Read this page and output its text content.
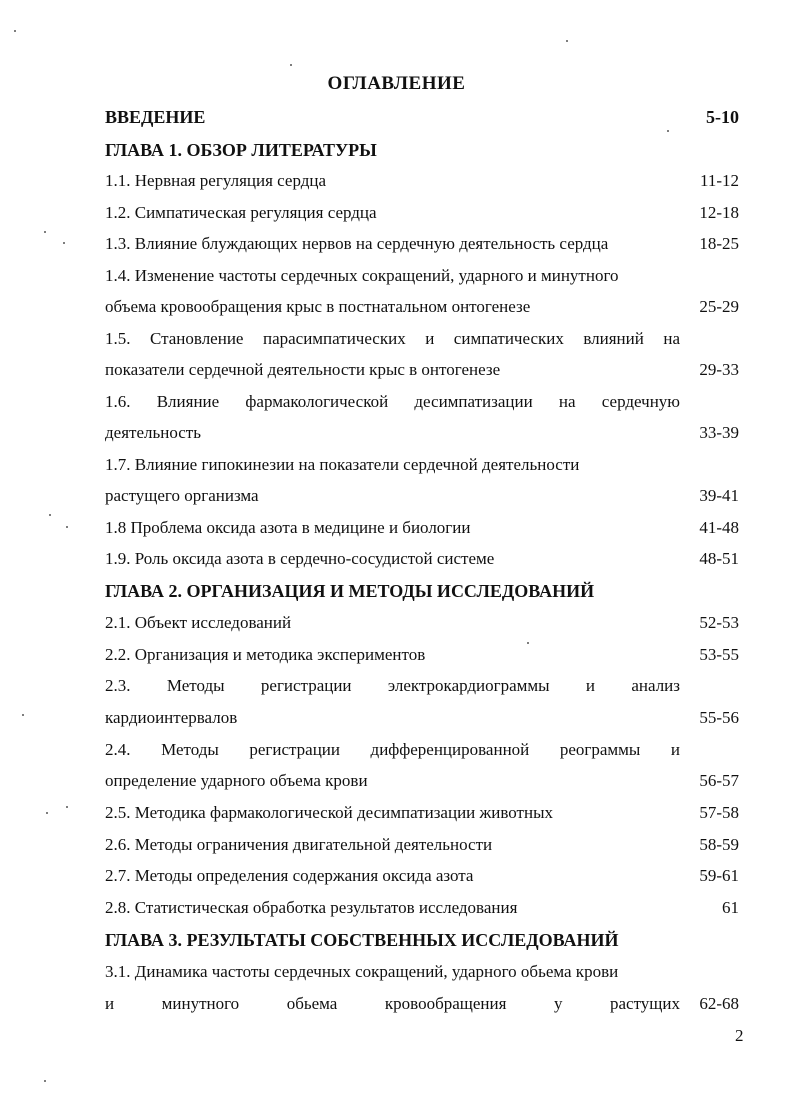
ОГЛАВЛЕНИЕ
ВВЕДЕНИЕ	5-10
ГЛАВА 1. ОБЗОР ЛИТЕРАТУРЫ
1.1. Нервная регуляция сердца	11-12
1.2. Симпатическая регуляция сердца	12-18
1.3. Влияние блуждающих нервов на сердечную деятельность сердца	18-25
1.4. Изменение частоты сердечных сокращений, ударного и минутного
объема кровообращения крыс в постнатальном онтогенезе	25-29
1.5. Становление парасимпатических и симпатических влияний на
показатели сердечной деятельности крыс в онтогенезе	29-33
1.6. Влияние фармакологической десимпатизации на сердечную
деятельность	33-39
1.7. Влияние гипокинезии на показатели сердечной деятельности
растущего организма	39-41
1.8 Проблема оксида азота в медицине и биологии	41-48
1.9. Роль оксида азота в сердечно-сосудистой системе	48-51
ГЛАВА 2. ОРГАНИЗАЦИЯ И МЕТОДЫ ИССЛЕДОВАНИЙ
2.1. Объект исследований	52-53
2.2. Организация и методика экспериментов	53-55
2.3. Методы регистрации электрокардиограммы и анализ
кардиоинтервалов	55-56
2.4. Методы регистрации дифференцированной реограммы и
определение ударного объема крови	56-57
2.5. Методика фармакологической десимпатизации животных	57-58
2.6. Методы ограничения двигательной деятельности	58-59
2.7. Методы определения содержания оксида азота	59-61
2.8. Статистическая обработка результатов исследования	61
ГЛАВА 3. РЕЗУЛЬТАТЫ СОБСТВЕННЫХ ИССЛЕДОВАНИЙ
3.1. Динамика частоты сердечных сокращений, ударного обьема крови
и минутного обьема кровообращения у растущих 62-68
2
